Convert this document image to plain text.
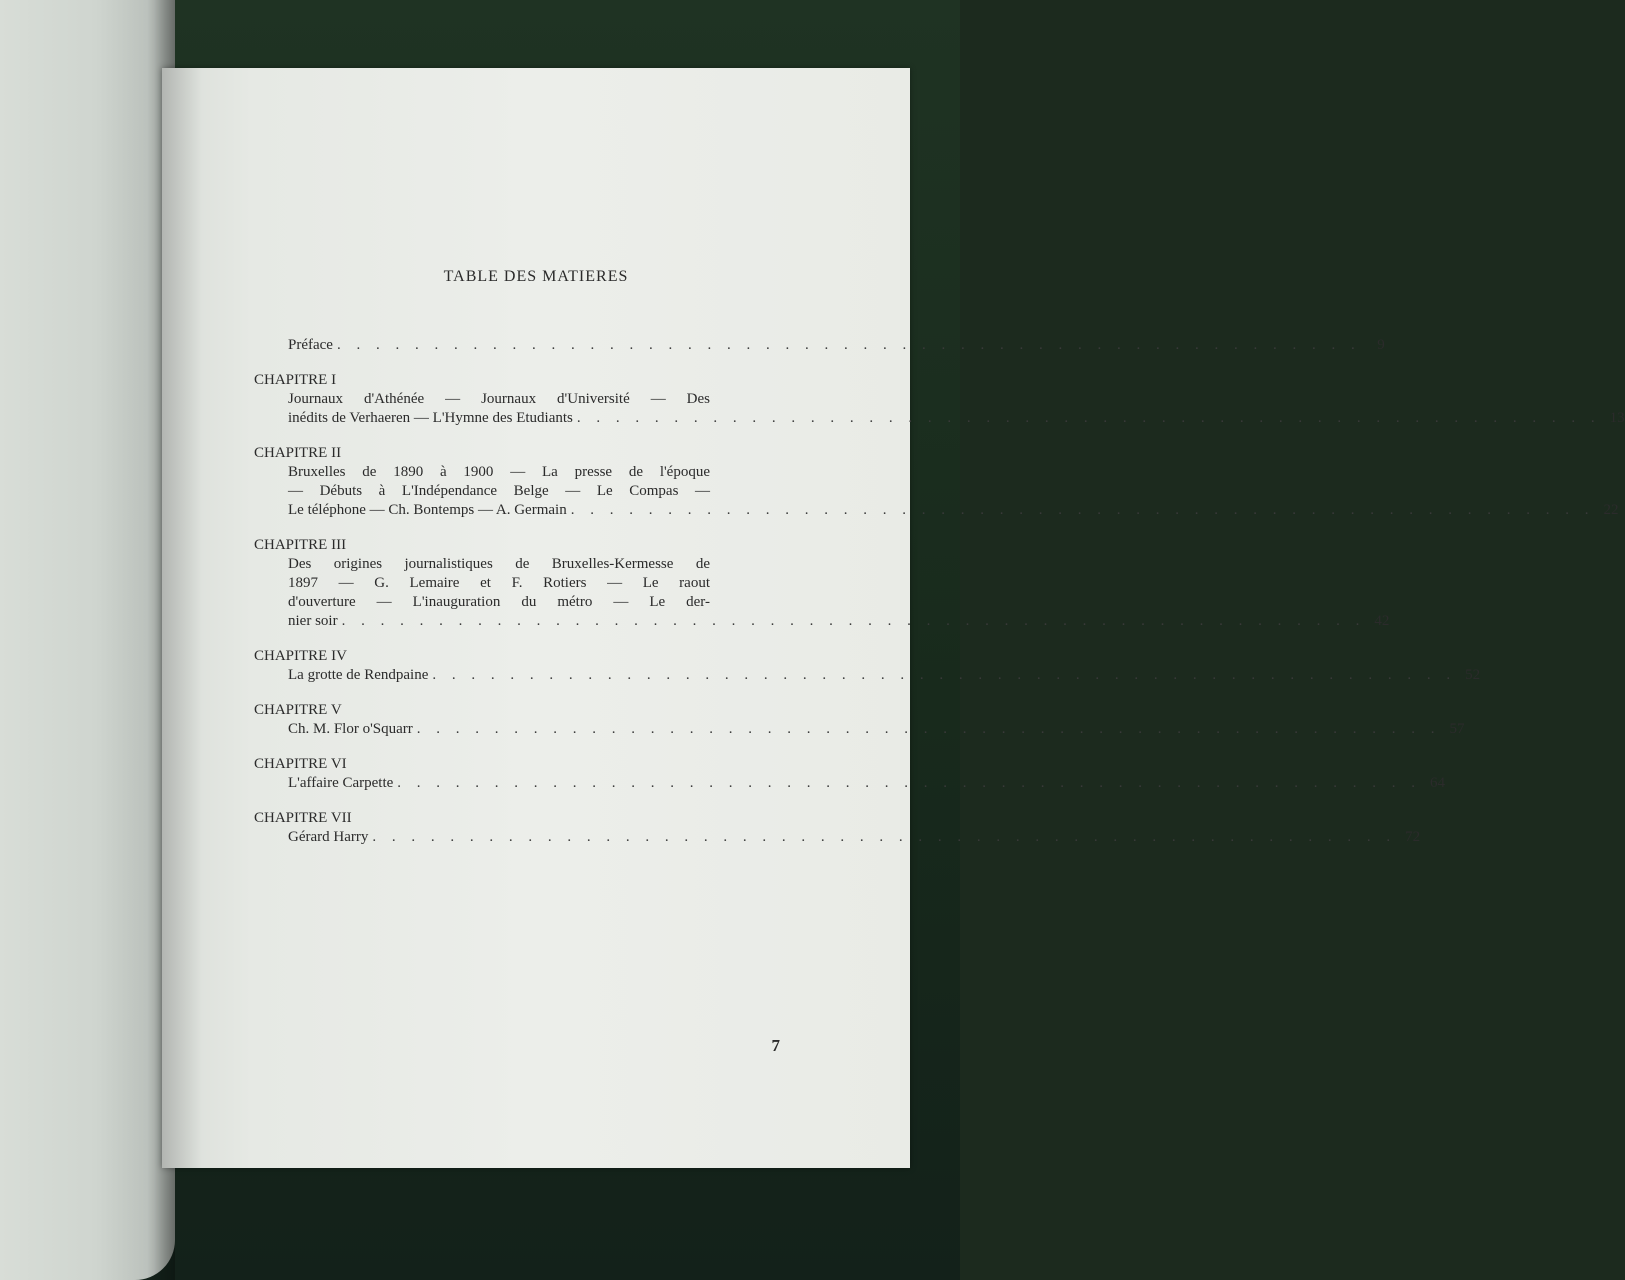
TABLE DES MATIERES
Préface . . . . . . . . . . . . . . . . . . . . . . . . . . . . . . . . . . . . . . . . . . . . . . . . . . . . .	9
CHAPITRE I
Journaux d'Athénée — Journaux d'Université — Des
inédits de Verhaeren — L'Hymne des Etudiants . . . . . . . . . . . . . . . . . . . . . . . . . . . . . . . . . . . . . . . . . . . . . . . . . . . . . 13
CHAPITRE II
Bruxelles de 1890 à 1900 — La presse de l'époque
— Débuts à L'Indépendance Belge — Le Compas —
Le téléphone — Ch. Bontemps — A. Germain . . . . . . . . . . . . . . . . . . . . . . . . . . . . . . . . . . . . . . . . . . . . . . . . . . . . . 22
CHAPITRE III
Des origines journalistiques de Bruxelles-Kermesse de
1897 — G. Lemaire et F. Rotiers — Le raout
d'ouverture — L'inauguration du métro — Le der-
nier soir . . . . . . . . . . . . . . . . . . . . . . . . . . . . . . . . . . . . . . . . . . . . . . . . . . . . . 42
CHAPITRE IV
La grotte de Rendpaine . . . . . . . . . . . . . . . . . . . . . . . . . . . . . . . . . . . . . . . . . . . . . . . . . . . . . 52
CHAPITRE V
Ch. M. Flor o'Squarr . . . . . . . . . . . . . . . . . . . . . . . . . . . . . . . . . . . . . . . . . . . . . . . . . . . . . 57
CHAPITRE VI
L'affaire Carpette . . . . . . . . . . . . . . . . . . . . . . . . . . . . . . . . . . . . . . . . . . . . . . . . . . . . . 64
CHAPITRE VII
Gérard Harry . . . . . . . . . . . . . . . . . . . . . . . . . . . . . . . . . . . . . . . . . . . . . . . . . . . . . 72
7
